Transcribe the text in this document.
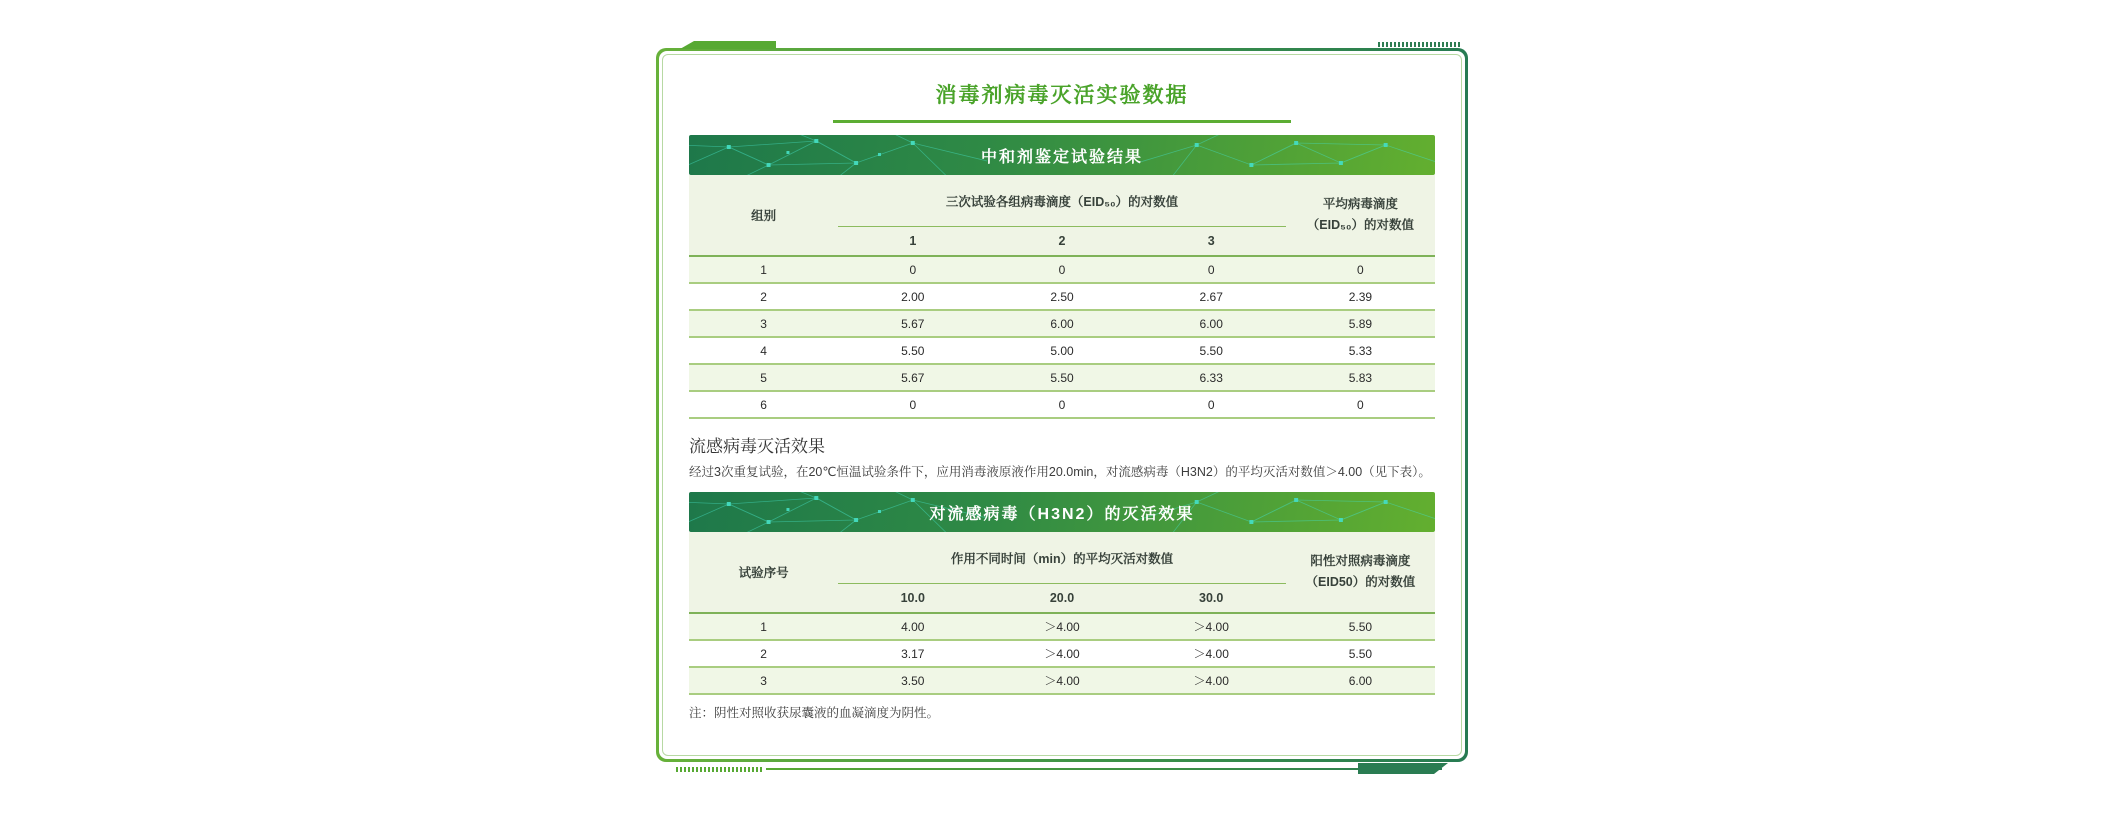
消毒剂病毒灭活实验数据
中和剂鉴定试验结果
组别
三次试验各组病毒滴度（EID₅₀）的对数值	平均病毒滴度
（EID₅₀）的对数值
1	2	3
1	0	0	0	0
2	2.00	2.50	2.67	2.39
3	5.67	6.00	6.00	5.89
4	5.50	5.00	5.50	5.33
5	5.67	5.50	6.33	5.83
6	0	0	0	0
流感病毒灭活效果

经过3次重复试验，在20℃恒温试验条件下，应用消毒液原液作用20.0min，对流感病毒（H3N2）的平均灭活对数值＞4.00（见下表）。

对流感病毒（H3N2）的灭活效果
试验序号
作用不同时间（min）的平均灭活对数值	阳性对照病毒滴度
（EID50）的对数值
10.0	20.0	30.0
1	4.00	＞4.00	＞4.00	5.50
2	3.17	＞4.00	＞4.00	5.50
3	3.50	＞4.00	＞4.00	6.00

注：阴性对照收获尿囊液的血凝滴度为阴性。
